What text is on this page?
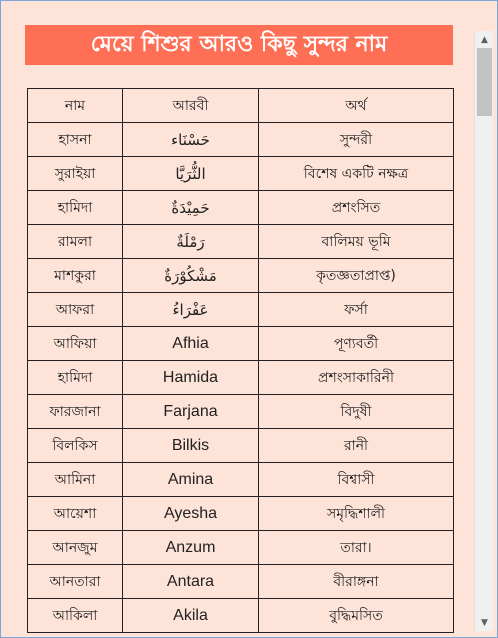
মেয়ে শিশুর আরও কিছু সুন্দর নাম
নাম	আরবী	অর্থ
হাসনা	حَسْنَاء	সুন্দরী
সুরাইয়া	الثُّرَيَّا	বিশেষ একটি নক্ষত্র
হামিদা	حَمِيْدَةٌ	প্রশংসিত
রামলা	رَمْلَةٌ	বালিময় ভূমি
মাশকুরা	مَشْكُوْرَةٌ	কৃতজ্ঞতাপ্রাপ্ত)
আফরা	عَفْرَاءُ	ফর্সা
আফিয়া	Afhia	পূণ্যবর্তী
হামিদা	Hamida	প্রশংসাকারিনী
ফারজানা	Farjana	বিদুষী
বিলকিস	Bilkis	রানী
আমিনা	Amina	বিশ্বাসী
আয়েশা	Ayesha	সমৃদ্ধিশালী
আনজুম	Anzum	তারা।
আনতারা	Antara	বীরাঙ্গনা
আকিলা	Akila	বুদ্ধিমসিত
▲
▼
